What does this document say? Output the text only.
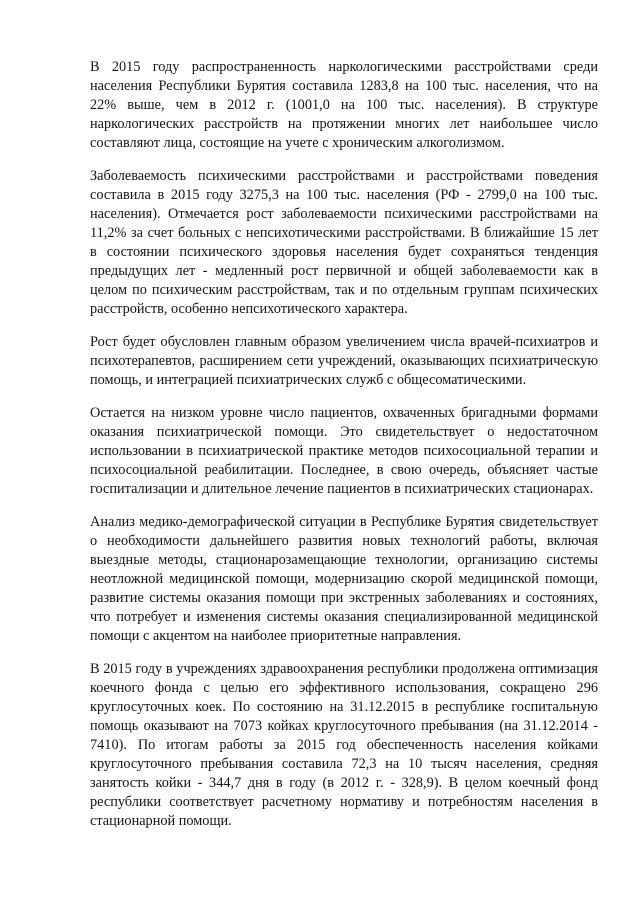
В 2015 году распространенность наркологическими расстройствами среди населения Республики Бурятия составила 1283,8 на 100 тыс. населения, что на 22% выше, чем в 2012 г. (1001,0 на 100 тыс. населения). В структуре наркологических расстройств на протяжении многих лет наибольшее число составляют лица, состоящие на учете с хроническим алкоголизмом.

Заболеваемость психическими расстройствами и расстройствами поведения составила в 2015 году 3275,3 на 100 тыс. населения (РФ - 2799,0 на 100 тыс. населения). Отмечается рост заболеваемости психическими расстройствами на 11,2% за счет больных с непсихотическими расстройствами. В ближайшие 15 лет в состоянии психического здоровья населения будет сохраняться тенденция предыдущих лет - медленный рост первичной и общей заболеваемости как в целом по психическим расстройствам, так и по отдельным группам психических расстройств, особенно непсихотического характера.

Рост будет обусловлен главным образом увеличением числа врачей-психиатров и психотерапевтов, расширением сети учреждений, оказывающих психиатрическую помощь, и интеграцией психиатрических служб с общесоматическими.

Остается на низком уровне число пациентов, охваченных бригадными формами оказания психиатрической помощи. Это свидетельствует о недостаточном использовании в психиатрической практике методов психосоциальной терапии и психосоциальной реабилитации. Последнее, в свою очередь, объясняет частые госпитализации и длительное лечение пациентов в психиатрических стационарах.

Анализ медико-демографической ситуации в Республике Бурятия свидетельствует о необходимости дальнейшего развития новых технологий работы, включая выездные методы, стационарозамещающие технологии, организацию системы неотложной медицинской помощи, модернизацию скорой медицинской помощи, развитие системы оказания помощи при экстренных заболеваниях и состояниях, что потребует и изменения системы оказания специализированной медицинской помощи с акцентом на наиболее приоритетные направления.

В 2015 году в учреждениях здравоохранения республики продолжена оптимизация коечного фонда с целью его эффективного использования, сокращено 296 круглосуточных коек. По состоянию на 31.12.2015 в республике госпитальную помощь оказывают на 7073 койках круглосуточного пребывания (на 31.12.2014 - 7410). По итогам работы за 2015 год обеспеченность населения койками круглосуточного пребывания составила 72,3 на 10 тысяч населения, средняя занятость койки - 344,7 дня в году (в 2012 г. - 328,9). В целом коечный фонд республики соответствует расчетному нормативу и потребностям населения в стационарной помощи.
